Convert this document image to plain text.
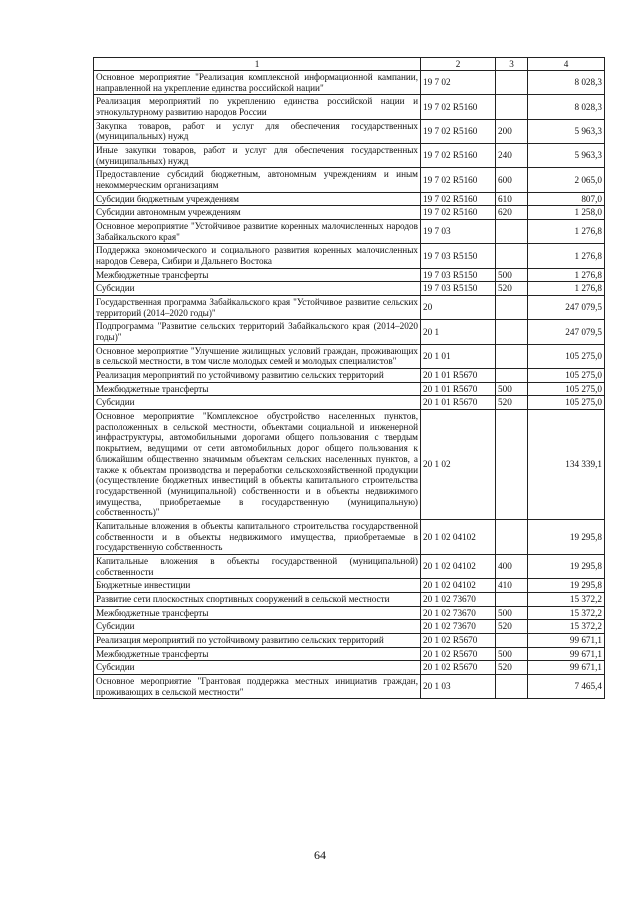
1	2	3	4
Основное мероприятие "Реализация комплексной информационной кампании, направленной на укрепление единства российской нации"	19 7 02		8 028,3
Реализация мероприятий по укреплению единства российской нации и этнокультурному развитию народов России	19 7 02 R5160		8 028,3
Закупка товаров, работ и услуг для обеспечения государственных (муниципальных) нужд	19 7 02 R5160	200	5 963,3
Иные закупки товаров, работ и услуг для обеспечения государственных (муниципальных) нужд	19 7 02 R5160	240	5 963,3
Предоставление субсидий бюджетным, автономным учреждениям и иным некоммерческим организациям	19 7 02 R5160	600	2 065,0
Субсидии бюджетным учреждениям	19 7 02 R5160	610	807,0
Субсидии автономным учреждениям	19 7 02 R5160	620	1 258,0
Основное мероприятие "Устойчивое развитие коренных малочисленных народов Забайкальского края"	19 7 03		1 276,8
Поддержка экономического и социального развития коренных малочисленных народов Севера, Сибири и Дальнего Востока	19 7 03 R5150		1 276,8
Межбюджетные трансферты	19 7 03 R5150	500	1 276,8
Субсидии	19 7 03 R5150	520	1 276,8
Государственная программа Забайкальского края "Устойчивое развитие сельских территорий (2014–2020 годы)"	20		247 079,5
Подпрограмма "Развитие сельских территорий Забайкальского края (2014–2020 годы)"	20 1		247 079,5
Основное мероприятие "Улучшение жилищных условий граждан, проживающих в сельской местности, в том числе молодых семей и молодых специалистов"	20 1 01		105 275,0
Реализация мероприятий по устойчивому развитию сельских территорий	20 1 01 R5670		105 275,0
Межбюджетные трансферты	20 1 01 R5670	500	105 275,0
Субсидии	20 1 01 R5670	520	105 275,0
Основное мероприятие "Комплексное обустройство населенных пунктов, расположенных в сельской местности, объектами социальной и инженерной инфраструктуры, автомобильными дорогами общего пользования с твердым покрытием, ведущими от сети автомобильных дорог общего пользования к ближайшим общественно значимым объектам сельских населенных пунктов, а также к объектам производства и переработки сельскохозяйственной продукции (осуществление бюджетных инвестиций в объекты капитального строительства государственной (муниципальной) собственности и в объекты недвижимого имущества, приобретаемые в государственную (муниципальную) собственность)"	20 1 02		134 339,1
Капитальные вложения в объекты капитального строительства государственной собственности и в объекты недвижимого имущества, приобретаемые в государственную собственность	20 1 02 04102		19 295,8
Капитальные вложения в объекты государственной (муниципальной) собственности	20 1 02 04102	400	19 295,8
Бюджетные инвестиции	20 1 02 04102	410	19 295,8
Развитие сети плоскостных спортивных сооружений в сельской местности	20 1 02 73670		15 372,2
Межбюджетные трансферты	20 1 02 73670	500	15 372,2
Субсидии	20 1 02 73670	520	15 372,2
Реализация мероприятий по устойчивому развитию сельских территорий	20 1 02 R5670		99 671,1
Межбюджетные трансферты	20 1 02 R5670	500	99 671,1
Субсидии	20 1 02 R5670	520	99 671,1
Основное мероприятие "Грантовая поддержка местных инициатив граждан, проживающих в сельской местности"	20 1 03		7 465,4
64
